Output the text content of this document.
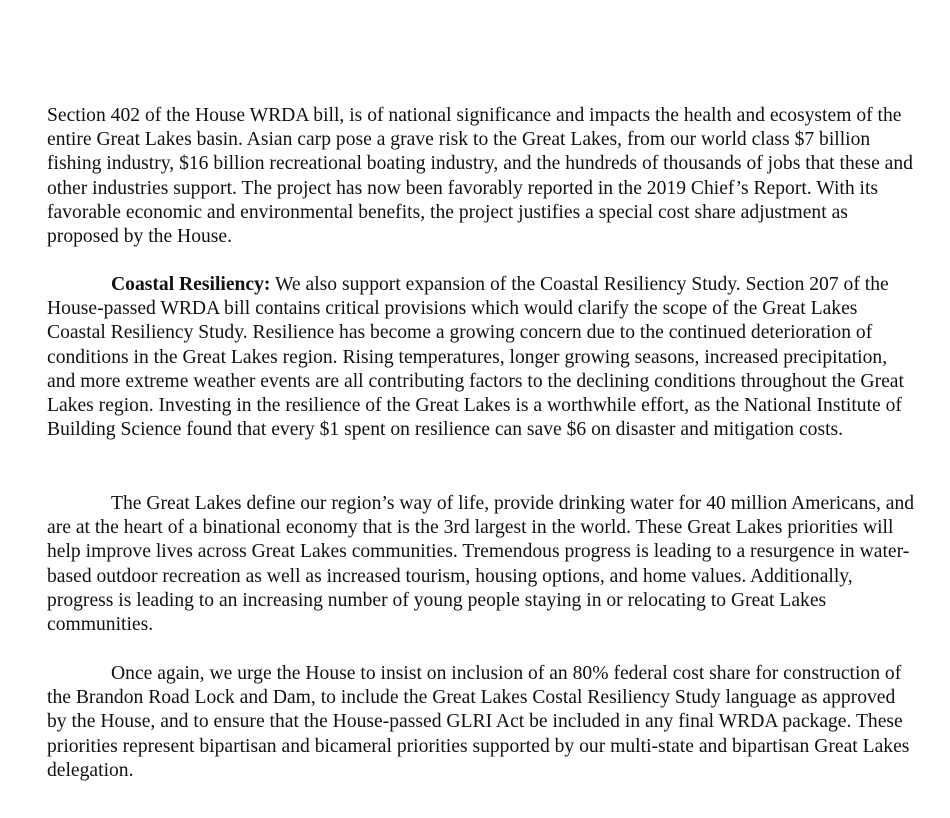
Section 402 of the House WRDA bill, is of national significance and impacts the health and ecosystem of the entire Great Lakes basin. Asian carp pose a grave risk to the Great Lakes, from our world class $7 billion fishing industry, $16 billion recreational boating industry, and the hundreds of thousands of jobs that these and other industries support. The project has now been favorably reported in the 2019 Chief’s Report. With its favorable economic and environmental benefits, the project justifies a special cost share adjustment as proposed by the House.

Coastal Resiliency: We also support expansion of the Coastal Resiliency Study. Section 207 of the House-passed WRDA bill contains critical provisions which would clarify the scope of the Great Lakes Coastal Resiliency Study. Resilience has become a growing concern due to the continued deterioration of conditions in the Great Lakes region. Rising temperatures, longer growing seasons, increased precipitation, and more extreme weather events are all contributing factors to the declining conditions throughout the Great Lakes region. Investing in the resilience of the Great Lakes is a worthwhile effort, as the National Institute of Building Science found that every $1 spent on resilience can save $6 on disaster and mitigation costs.

The Great Lakes define our region’s way of life, provide drinking water for 40 million Americans, and are at the heart of a binational economy that is the 3rd largest in the world. These Great Lakes priorities will help improve lives across Great Lakes communities. Tremendous progress is leading to a resurgence in water-based outdoor recreation as well as increased tourism, housing options, and home values. Additionally, progress is leading to an increasing number of young people staying in or relocating to Great Lakes communities.

Once again, we urge the House to insist on inclusion of an 80% federal cost share for construction of the Brandon Road Lock and Dam, to include the Great Lakes Costal Resiliency Study language as approved by the House, and to ensure that the House-passed GLRI Act be included in any final WRDA package. These priorities represent bipartisan and bicameral priorities supported by our multi-state and bipartisan Great Lakes delegation.
